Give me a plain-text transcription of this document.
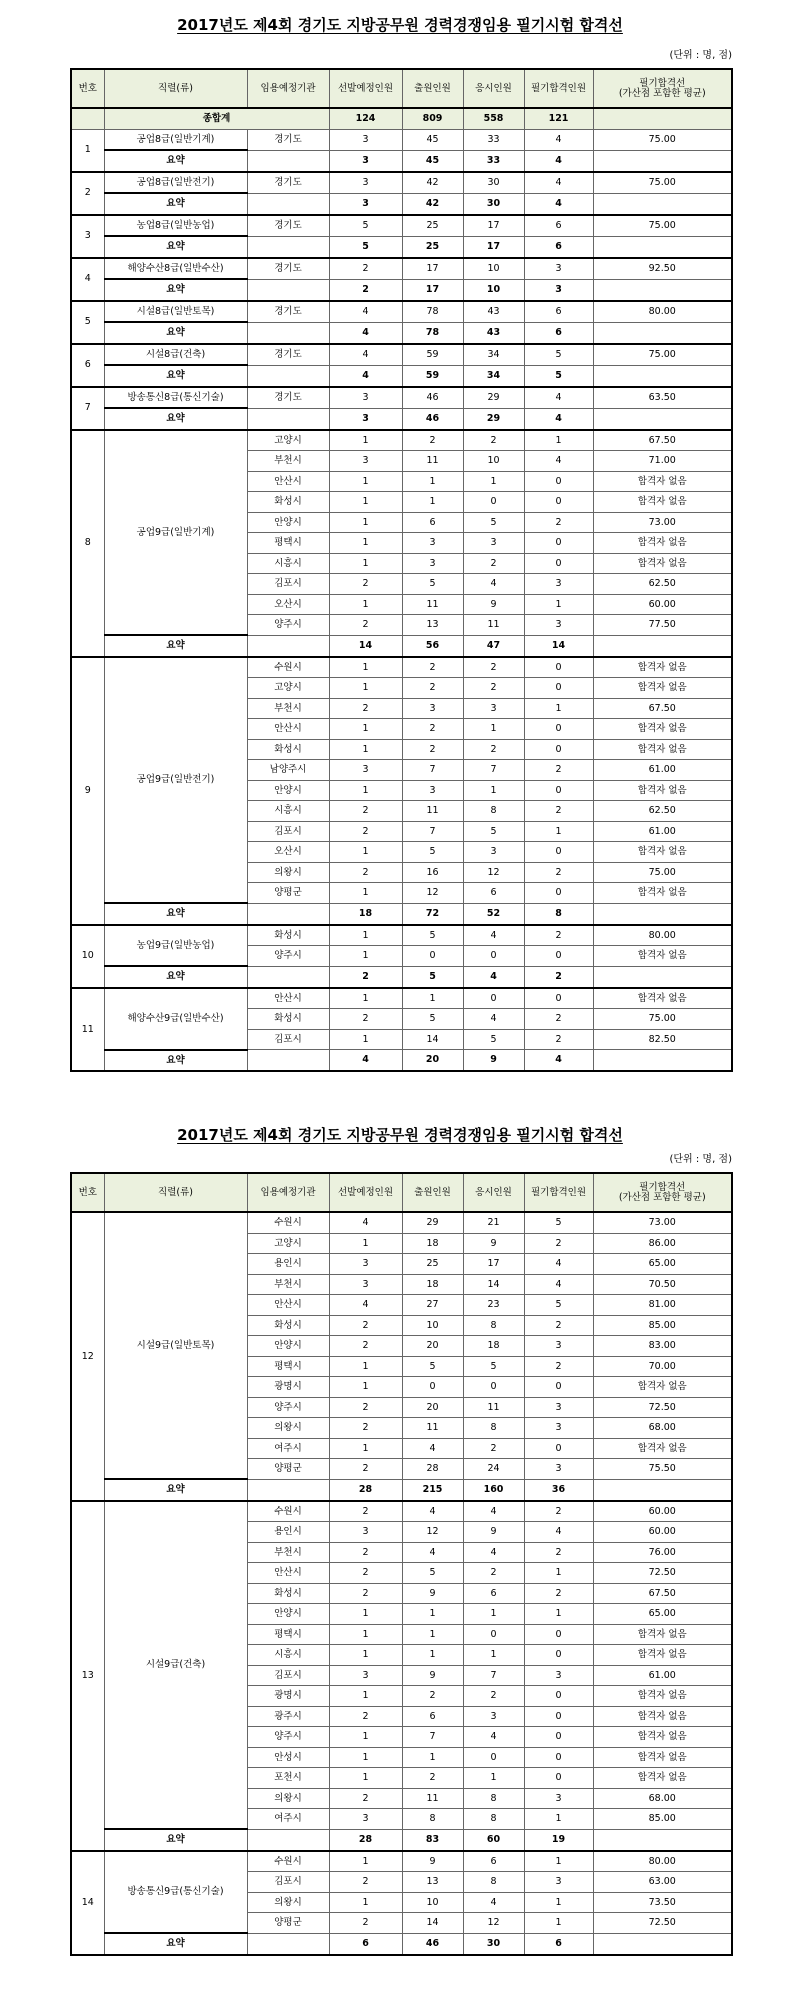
2017년도 제4회 경기도 지방공무원 경력경쟁임용 필기시험 합격선
(단위 : 명, 점)
번호	직렬(류)	임용예정기관	선발예정인원	출원인원	응시인원	필기합격인원	필기합격선
(가산점 포함한 평균)
	종합계		124	809	558	121	
1	공업8급(일반기계)	경기도	3	45	33	4	75.00
	요약		3	45	33	4	
2	공업8급(일반전기)	경기도	3	42	30	4	75.00
	요약		3	42	30	4	
3	농업8급(일반농업)	경기도	5	25	17	6	75.00
	요약		5	25	17	6	
4	해양수산8급(일반수산)	경기도	2	17	10	3	92.50
	요약		2	17	10	3	
5	시설8급(일반토목)	경기도	4	78	43	6	80.00
	요약		4	78	43	6	
6	시설8급(건축)	경기도	4	59	34	5	75.00
	요약		4	59	34	5	
7	방송통신8급(통신기술)	경기도	3	46	29	4	63.50
	요약		3	46	29	4	
8	공업9급(일반기계)	고양시	1	2	2	1	67.50
		부천시	3	11	10	4	71.00
		안산시	1	1	1	0	합격자 없음
		화성시	1	1	0	0	합격자 없음
		안양시	1	6	5	2	73.00
		평택시	1	3	3	0	합격자 없음
		시흥시	1	3	2	0	합격자 없음
		김포시	2	5	4	3	62.50
		오산시	1	11	9	1	60.00
		양주시	2	13	11	3	77.50
	요약		14	56	47	14	
9	공업9급(일반전기)	수원시	1	2	2	0	합격자 없음
		고양시	1	2	2	0	합격자 없음
		부천시	2	3	3	1	67.50
		안산시	1	2	1	0	합격자 없음
		화성시	1	2	2	0	합격자 없음
		남양주시	3	7	7	2	61.00
		안양시	1	3	1	0	합격자 없음
		시흥시	2	11	8	2	62.50
		김포시	2	7	5	1	61.00
		오산시	1	5	3	0	합격자 없음
		의왕시	2	16	12	2	75.00
		양평군	1	12	6	0	합격자 없음
	요약		18	72	52	8	
10	농업9급(일반농업)	화성시	1	5	4	2	80.00
		양주시	1	0	0	0	합격자 없음
	요약		2	5	4	2	
11	해양수산9급(일반수산)	안산시	1	1	0	0	합격자 없음
		화성시	2	5	4	2	75.00
		김포시	1	14	5	2	82.50
	요약		4	20	9	4	
2017년도 제4회 경기도 지방공무원 경력경쟁임용 필기시험 합격선
(단위 : 명, 점)
번호	직렬(류)	임용예정기관	선발예정인원	출원인원	응시인원	필기합격인원	필기합격선
(가산점 포함한 평균)
12	시설9급(일반토목)	수원시	4	29	21	5	73.00
		고양시	1	18	9	2	86.00
		용인시	3	25	17	4	65.00
		부천시	3	18	14	4	70.50
		안산시	4	27	23	5	81.00
		화성시	2	10	8	2	85.00
		안양시	2	20	18	3	83.00
		평택시	1	5	5	2	70.00
		광명시	1	0	0	0	합격자 없음
		양주시	2	20	11	3	72.50
		의왕시	2	11	8	3	68.00
		여주시	1	4	2	0	합격자 없음
		양평군	2	28	24	3	75.50
	요약		28	215	160	36	
13	시설9급(건축)	수원시	2	4	4	2	60.00
		용인시	3	12	9	4	60.00
		부천시	2	4	4	2	76.00
		안산시	2	5	2	1	72.50
		화성시	2	9	6	2	67.50
		안양시	1	1	1	1	65.00
		평택시	1	1	0	0	합격자 없음
		시흥시	1	1	1	0	합격자 없음
		김포시	3	9	7	3	61.00
		광명시	1	2	2	0	합격자 없음
		광주시	2	6	3	0	합격자 없음
		양주시	1	7	4	0	합격자 없음
		안성시	1	1	0	0	합격자 없음
		포천시	1	2	1	0	합격자 없음
		의왕시	2	11	8	3	68.00
		여주시	3	8	8	1	85.00
	요약		28	83	60	19	
14	방송통신9급(통신기술)	수원시	1	9	6	1	80.00
		김포시	2	13	8	3	63.00
		의왕시	1	10	4	1	73.50
		양평군	2	14	12	1	72.50
	요약		6	46	30	6	
